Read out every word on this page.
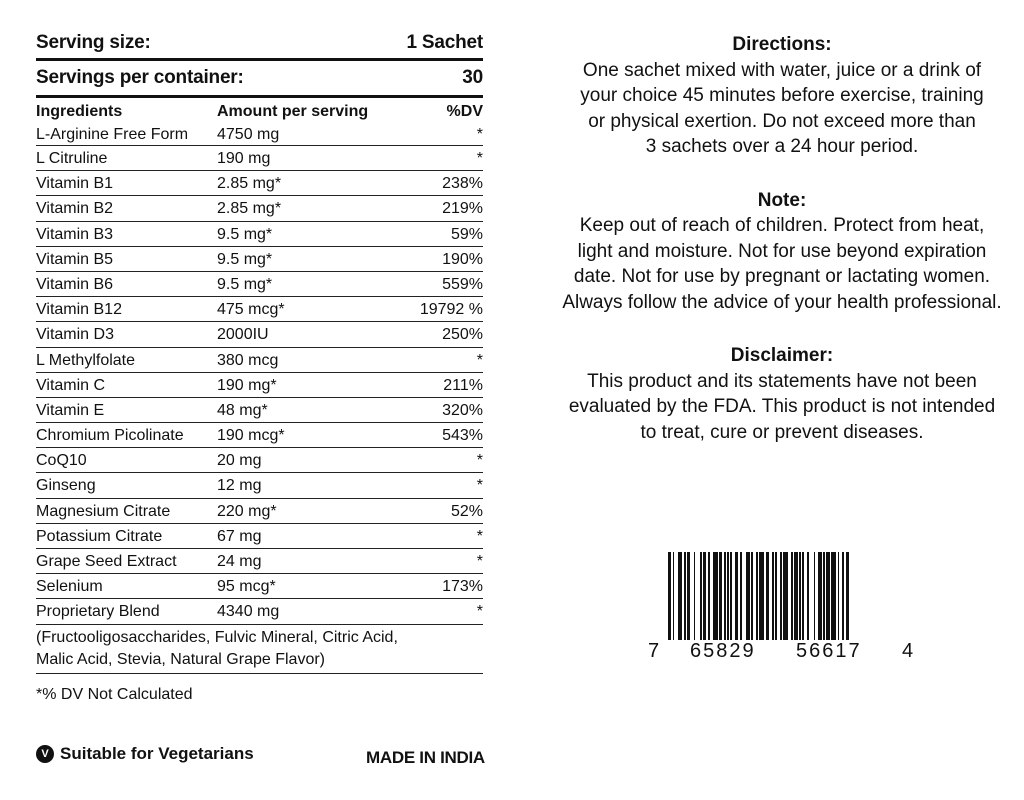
Serving size:	1 Sachet
Servings per container:	30
Ingredients	Amount per serving	%DV
L-Arginine Free Form	4750 mg	*
L Citruline	190 mg	*
Vitamin B1	2.85 mg*	238%
Vitamin B2	2.85 mg*	219%
Vitamin B3	9.5 mg*	59%
Vitamin B5	9.5 mg*	190%
Vitamin B6	9.5 mg*	559%
Vitamin B12	475 mcg*	19792 %
Vitamin D3	2000IU	250%
L Methylfolate	380 mcg	*
Vitamin C	190 mg*	211%
Vitamin E	48 mg*	320%
Chromium Picolinate	190 mcg*	543%
CoQ10	20 mg	*
Ginseng	12 mg	*
Magnesium Citrate	220 mg*	52%
Potassium Citrate	67 mg	*
Grape Seed Extract	24 mg	*
Selenium	95 mcg*	173%
Proprietary Blend	4340 mg	*
(Fructooligosaccharides, Fulvic Mineral, Citric Acid,
Malic Acid, Stevia, Natural Grape Flavor)
*% DV Not Calculated
V Suitable for Vegetarians	MADE IN INDIA
Directions:
One sachet mixed with water, juice or a drink of
your choice 45 minutes before exercise, training
or physical exertion. Do not exceed more than
3 sachets over a 24 hour period.
Note:
Keep out of reach of children. Protect from heat,
light and moisture. Not for use beyond expiration
date. Not for use by pregnant or lactating women.
Always follow the advice of your health professional.
Disclaimer:
This product and its statements have not been
evaluated by the FDA. This product is not intended
to treat, cure or prevent diseases.
7 65829 56617 4
